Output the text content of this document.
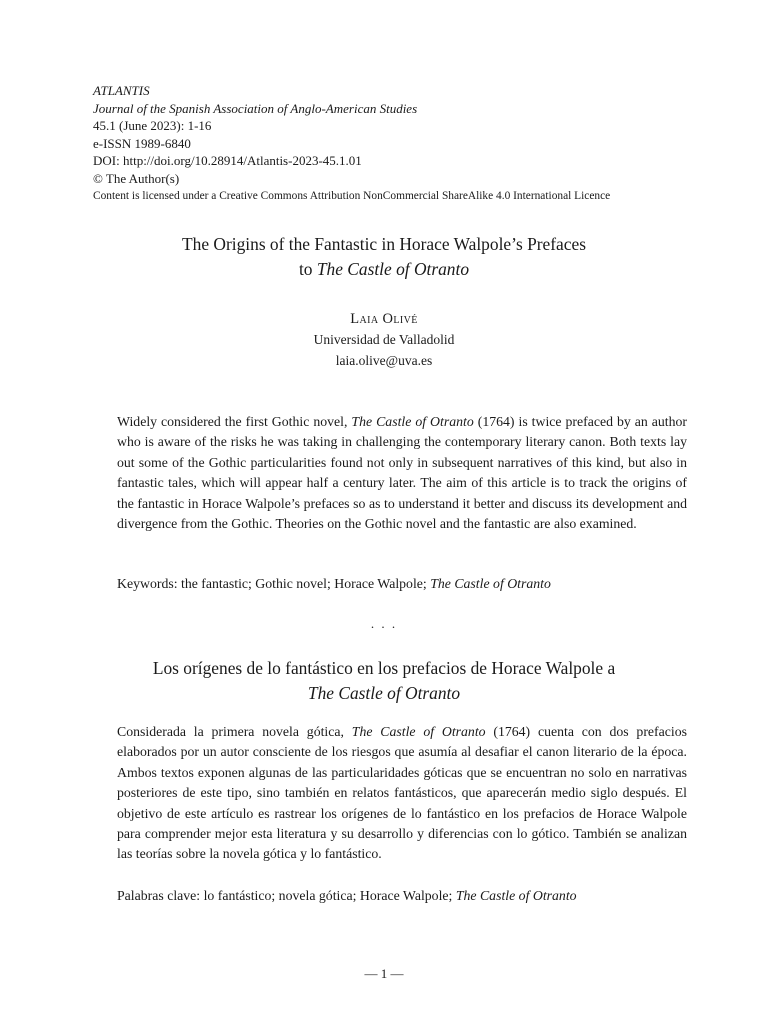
ATLANTIS
Journal of the Spanish Association of Anglo-American Studies
45.1 (June 2023): 1-16
e-ISSN 1989-6840
DOI: http://doi.org/10.28914/Atlantis-2023-45.1.01
© The Author(s)
Content is licensed under a Creative Commons Attribution NonCommercial ShareAlike 4.0 International Licence
The Origins of the Fantastic in Horace Walpole’s Prefaces
to The Castle of Otranto
Laia Olivé
Universidad de Valladolid
laia.olive@uva.es
Widely considered the first Gothic novel, The Castle of Otranto (1764) is twice prefaced by an author who is aware of the risks he was taking in challenging the contemporary literary canon. Both texts lay out some of the Gothic particularities found not only in subsequent narratives of this kind, but also in fantastic tales, which will appear half a century later. The aim of this article is to track the origins of the fantastic in Horace Walpole’s prefaces so as to understand it better and discuss its development and divergence from the Gothic. Theories on the Gothic novel and the fantastic are also examined.
Keywords: the fantastic; Gothic novel; Horace Walpole; The Castle of Otranto
. . .
Los orígenes de lo fantástico en los prefacios de Horace Walpole a
The Castle of Otranto
Considerada la primera novela gótica, The Castle of Otranto (1764) cuenta con dos prefacios elaborados por un autor consciente de los riesgos que asumía al desafiar el canon literario de la época. Ambos textos exponen algunas de las particularidades góticas que se encuentran no solo en narrativas posteriores de este tipo, sino también en relatos fantásticos, que aparecerán medio siglo después. El objetivo de este artículo es rastrear los orígenes de lo fantástico en los prefacios de Horace Walpole para comprender mejor esta literatura y su desarrollo y diferencias con lo gótico. También se analizan las teorías sobre la novela gótica y lo fantástico.
Palabras clave: lo fantástico; novela gótica; Horace Walpole; The Castle of Otranto
— 1 —
